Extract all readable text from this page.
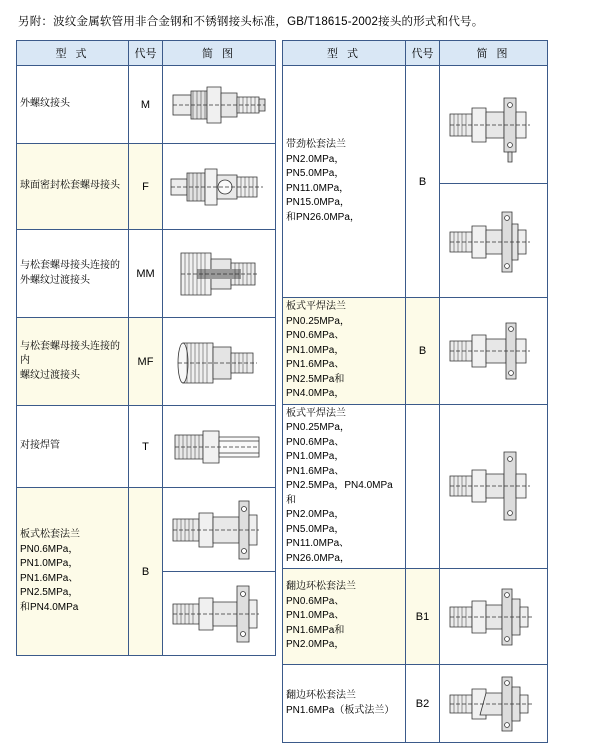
另附：波纹金属软管用非合金钢和不锈钢接头标准，GB/T18615-2002接头的形式和代号。
型 式	代号	简 图

外螺纹接头	M	

球面密封松套螺母接头	F	

与松套螺母接头连接的
外螺纹过渡接头	MM	

与松套螺母接头连接的内
螺纹过渡接头	MF	

对接焊管	T	

板式松套法兰
PN0.6MPa，PN1.0MPa，
PN1.6MPa、PN2.5MPa，
和PN4.0MPa	B	
型 式	代号	简 图

带劲松套法兰
PN2.0MPa，PN5.0MPa，
PN11.0MPa，PN15.0MPa，
和PN26.0MPa，	B	

板式平焊法兰
PN0.25MPa，PN0.6MPa、
PN1.0MPa，PN1.6MPa、
PN2.5MPa和PN4.0MPa，	B	

板式平焊法兰
PN0.25MPa，PN0.6MPa、
PN1.0MPa，PN1.6MPa、
PN2.5MPa，PN4.0MPa 和
PN2.0MPa，PN5.0MPa，
PN11.0MPa、PN26.0MPa，

翻边环松套法兰
PN0.6MPa、PN1.0MPa、
PN1.6MPa和PN2.0MPa，	B1	

翻边环松套法兰
PN1.6MPa（板式法兰）	B2	
